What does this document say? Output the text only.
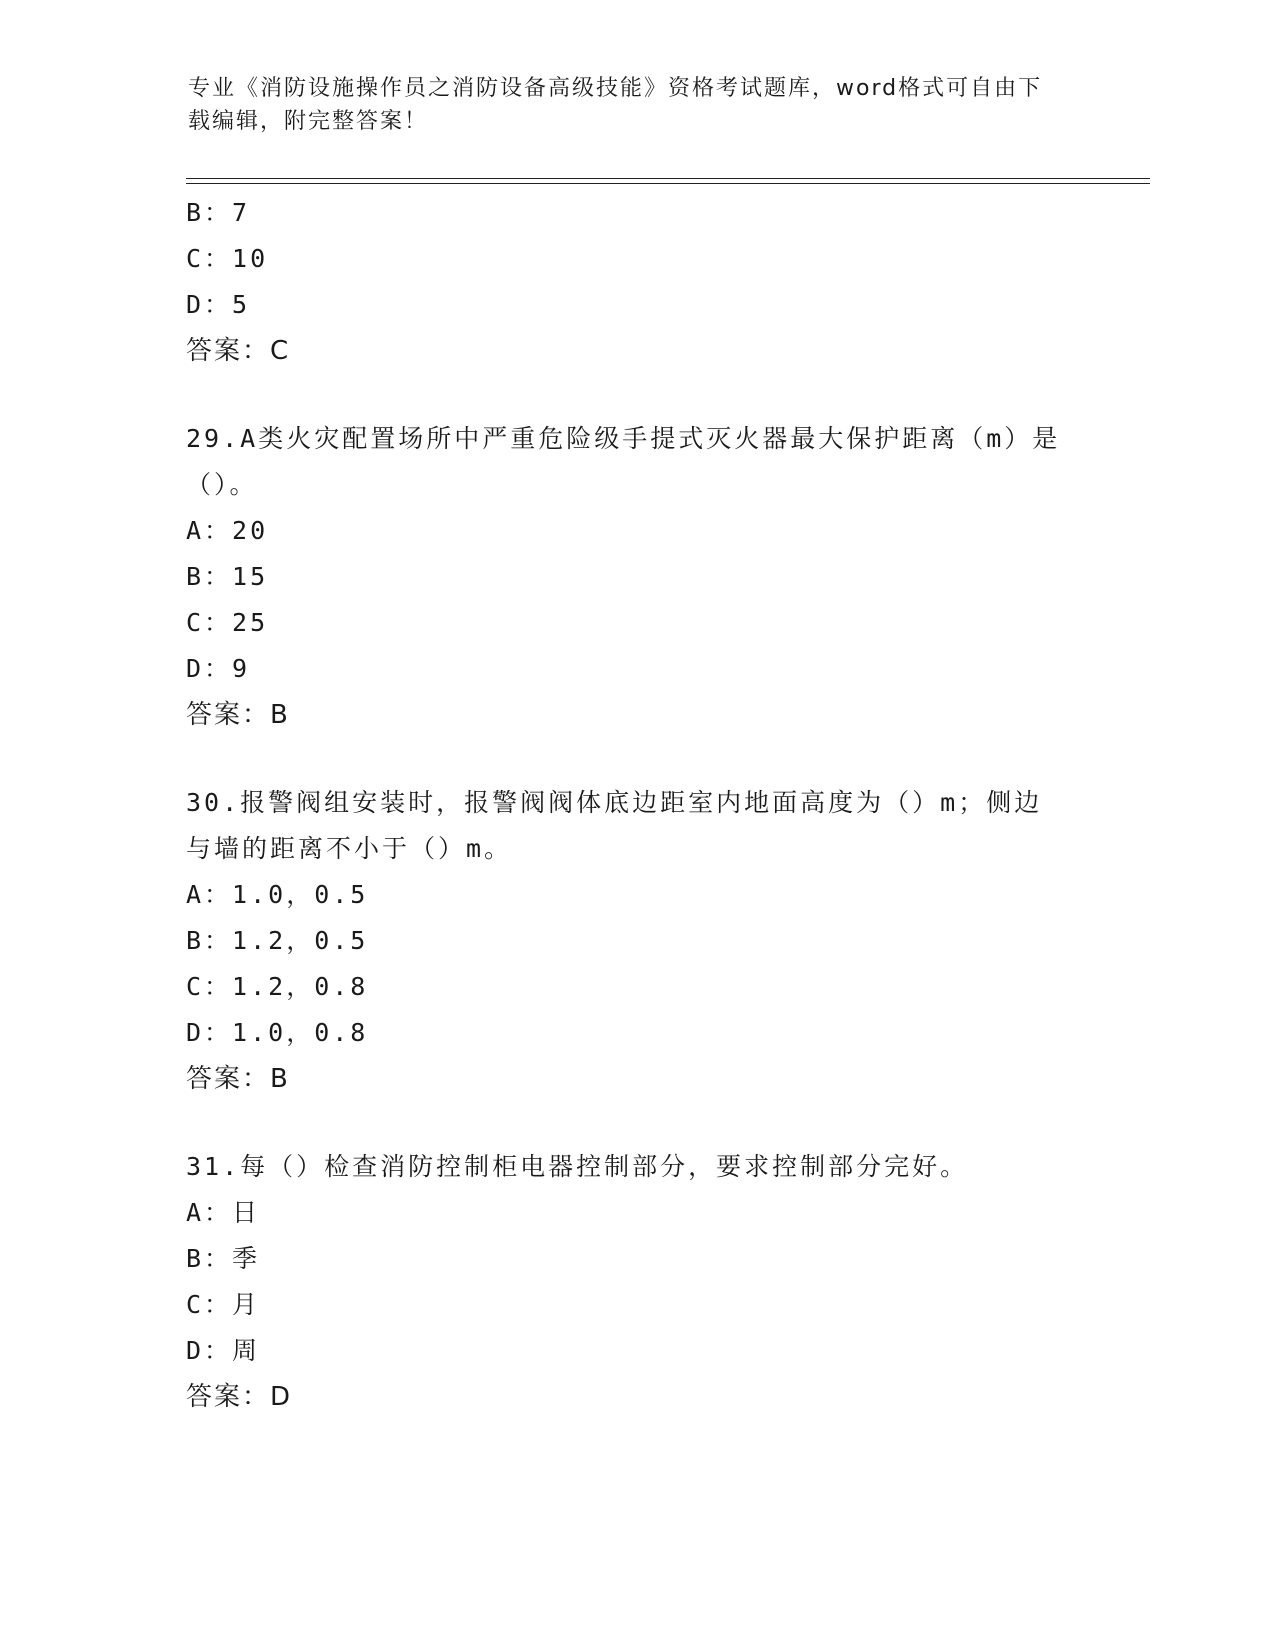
专业《消防设施操作员之消防设备高级技能》资格考试题库，word格式可自由下
载编辑，附完整答案！
B：7
C：10
D：5
答案：C
29.A类火灾配置场所中严重危险级手提式灭火器最大保护距离（m）是
（）。
A：20
B：15
C：25
D：9
答案：B
30.报警阀组安装时，报警阀阀体底边距室内地面高度为（）m；侧边
与墙的距离不小于（）m。
A：1.0，0.5
B：1.2，0.5
C：1.2，0.8
D：1.0，0.8
答案：B
31.每（）检查消防控制柜电器控制部分，要求控制部分完好。
A：日
B：季
C：月
D：周
答案：D
